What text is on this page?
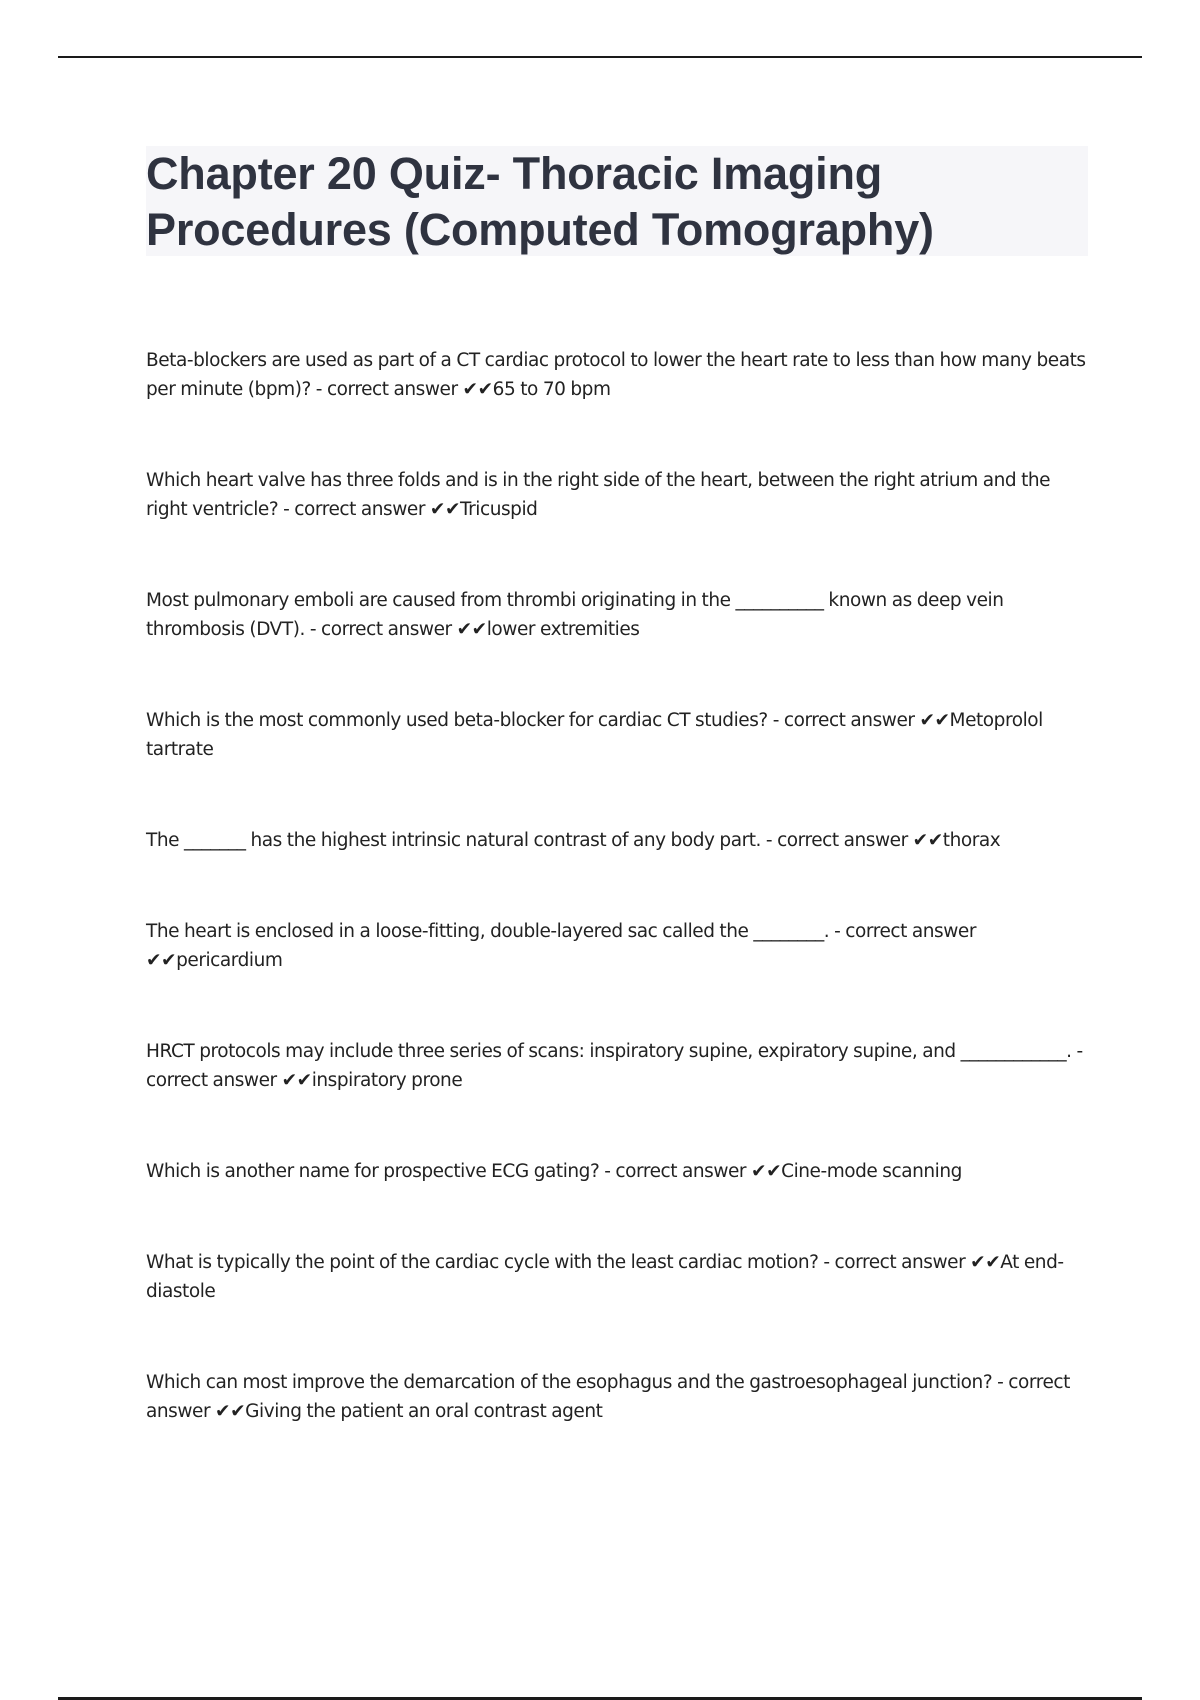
Chapter 20 Quiz- Thoracic Imaging Procedures (Computed Tomography)

Beta-blockers are used as part of a CT cardiac protocol to lower the heart rate to less than how many beats per minute (bpm)? - correct answer ✔✔65 to 70 bpm

Which heart valve has three folds and is in the right side of the heart, between the right atrium and the right ventricle? - correct answer ✔✔Tricuspid

Most pulmonary emboli are caused from thrombi originating in the __________ known as deep vein thrombosis (DVT). - correct answer ✔✔lower extremities

Which is the most commonly used beta-blocker for cardiac CT studies? - correct answer ✔✔Metoprolol tartrate

The _______ has the highest intrinsic natural contrast of any body part. - correct answer ✔✔thorax

The heart is enclosed in a loose-fitting, double-layered sac called the ________. - correct answer ✔✔pericardium

HRCT protocols may include three series of scans: inspiratory supine, expiratory supine, and ____________. - correct answer ✔✔inspiratory prone

Which is another name for prospective ECG gating? - correct answer ✔✔Cine-mode scanning

What is typically the point of the cardiac cycle with the least cardiac motion? - correct answer ✔✔At end-diastole

Which can most improve the demarcation of the esophagus and the gastroesophageal junction? - correct answer ✔✔Giving the patient an oral contrast agent
